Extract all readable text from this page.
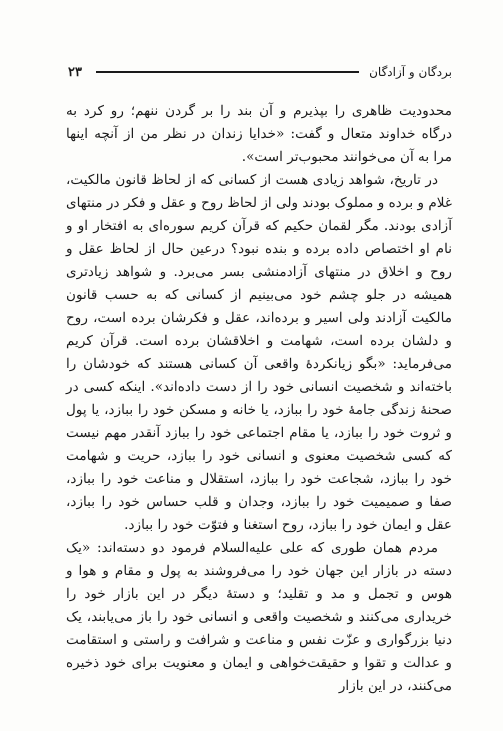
۲۳	بردگان و آزادگان

محدودیت ظاهری را بپذیرم و آن بند را بر گردن ننهم؛ رو کرد به درگاه خداوند متعال و گفت: «خدایا زندان در نظر من از آنچه اینها مرا به آن می‌خوانند محبوب‌تر است».

در تاریخ، شواهد زیادی هست از کسانی که از لحاظ قانون مالکیت، غلام و برده و مملوک بودند ولی از لحاظ روح و عقل و فکر در منتهای آزادی بودند. مگر لقمان حکیم که قرآن کریم سوره‌ای به افتخار او و نام او اختصاص داده برده و بنده نبود؟ درعین حال از لحاظ عقل و روح و اخلاق در منتهای آزادمنشی بسر می‌برد. و شواهد زیادتری همیشه در جلو چشم خود می‌بینیم از کسانی که به حسب قانون مالکیت آزادند ولی اسیر و برده‌اند، عقل و فکرشان برده است، روح و دلشان برده است، شهامت و اخلاقشان برده است. قرآن کریم می‌فرماید: «بگو زیانکردهٔ واقعی آن کسانی هستند که خودشان را باخته‌اند و شخصیت انسانی خود را از دست داده‌اند». اینکه کسی در صحنهٔ زندگی جامهٔ خود را ببازد، یا خانه و مسکن خود را ببازد، یا پول و ثروت خود را ببازد، یا مقام اجتماعی خود را ببازد آنقدر مهم نیست که کسی شخصیت معنوی و انسانی خود را ببازد، حریت و شهامت خود را ببازد، شجاعت خود را ببازد، استقلال و مناعت خود را ببازد، صفا و صمیمیت خود را ببازد، وجدان و قلب حساس خود را ببازد، عقل و ایمان خود را ببازد، روح استغنا و فتوّت خود را ببازد.

مردم همان طوری که علی علیه‌السلام فرمود دو دسته‌اند: «یک دسته در بازار این جهان خود را می‌فروشند به پول و مقام و هوا و هوس و تجمل و مد و تقلید؛ و دستهٔ دیگر در این بازار خود را خریداری می‌کنند و شخصیت واقعی و انسانی خود را باز می‌یابند، یک دنیا بزرگواری و عزّت نفس و مناعت و شرافت و راستی و استقامت و عدالت و تقوا و حقیقت‌خواهی و ایمان و معنویت برای خود ذخیره می‌کنند، در این بازار
